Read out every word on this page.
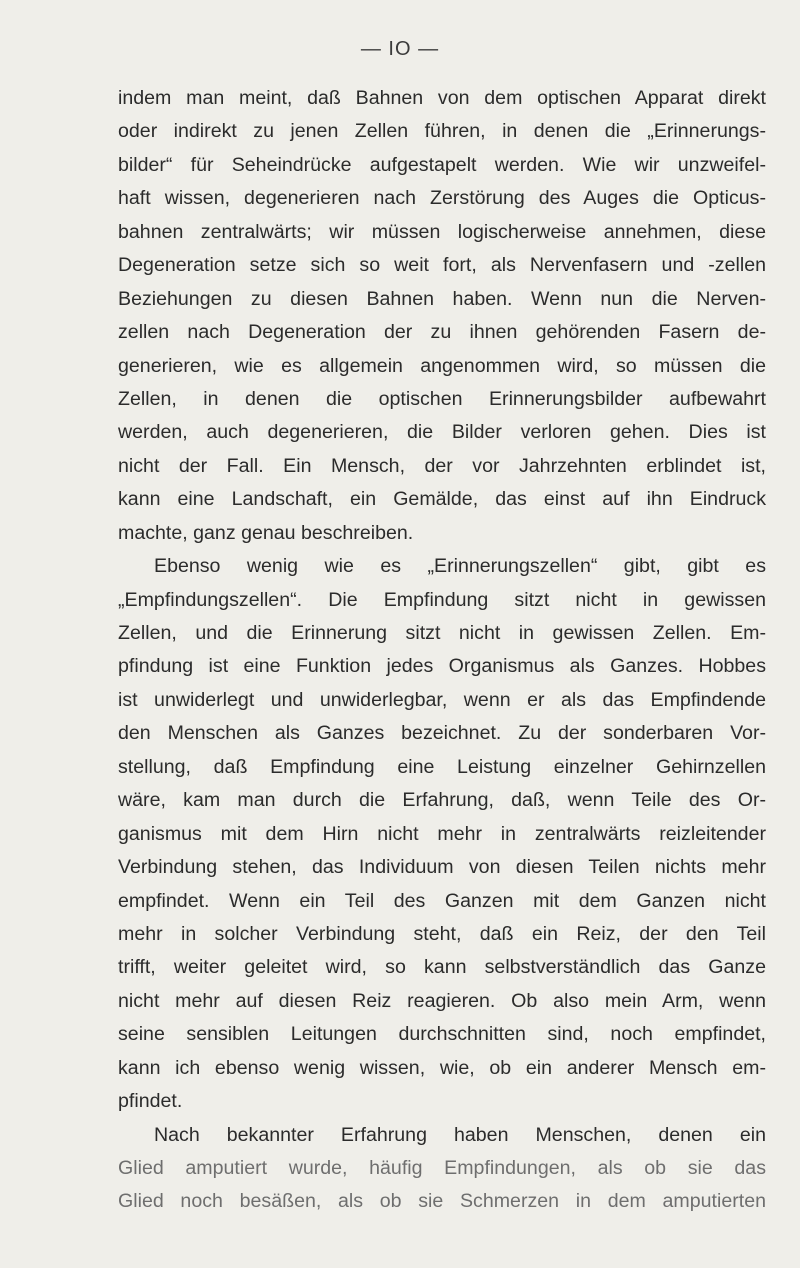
— IO —
indem man meint, daß Bahnen von dem optischen Apparat direkt
oder indirekt zu jenen Zellen führen, in denen die „Erinnerungs-
bilder“ für Seheindrücke aufgestapelt werden. Wie wir unzweifel-
haft wissen, degenerieren nach Zerstörung des Auges die Opticus-
bahnen zentralwärts; wir müssen logischerweise annehmen, diese
Degeneration setze sich so weit fort, als Nervenfasern und -zellen
Beziehungen zu diesen Bahnen haben. Wenn nun die Nerven-
zellen nach Degeneration der zu ihnen gehörenden Fasern de-
generieren, wie es allgemein angenommen wird, so müssen die
Zellen, in denen die optischen Erinnerungsbilder aufbewahrt
werden, auch degenerieren, die Bilder verloren gehen. Dies ist
nicht der Fall. Ein Mensch, der vor Jahrzehnten erblindet ist,
kann eine Landschaft, ein Gemälde, das einst auf ihn Eindruck
machte, ganz genau beschreiben.
Ebenso wenig wie es „Erinnerungszellen“ gibt, gibt es
„Empfindungszellen“. Die Empfindung sitzt nicht in gewissen
Zellen, und die Erinnerung sitzt nicht in gewissen Zellen. Em-
pfindung ist eine Funktion jedes Organismus als Ganzes. Hobbes
ist unwiderlegt und unwiderlegbar, wenn er als das Empfindende
den Menschen als Ganzes bezeichnet. Zu der sonderbaren Vor-
stellung, daß Empfindung eine Leistung einzelner Gehirnzellen
wäre, kam man durch die Erfahrung, daß, wenn Teile des Or-
ganismus mit dem Hirn nicht mehr in zentralwärts reizleitender
Verbindung stehen, das Individuum von diesen Teilen nichts mehr
empfindet. Wenn ein Teil des Ganzen mit dem Ganzen nicht
mehr in solcher Verbindung steht, daß ein Reiz, der den Teil
trifft, weiter geleitet wird, so kann selbstverständlich das Ganze
nicht mehr auf diesen Reiz reagieren. Ob also mein Arm, wenn
seine sensiblen Leitungen durchschnitten sind, noch empfindet,
kann ich ebenso wenig wissen, wie, ob ein anderer Mensch em-
pfindet.
Nach bekannter Erfahrung haben Menschen, denen ein
Glied amputiert wurde, häufig Empfindungen, als ob sie das
Glied noch besäßen, als ob sie Schmerzen in dem amputierten
